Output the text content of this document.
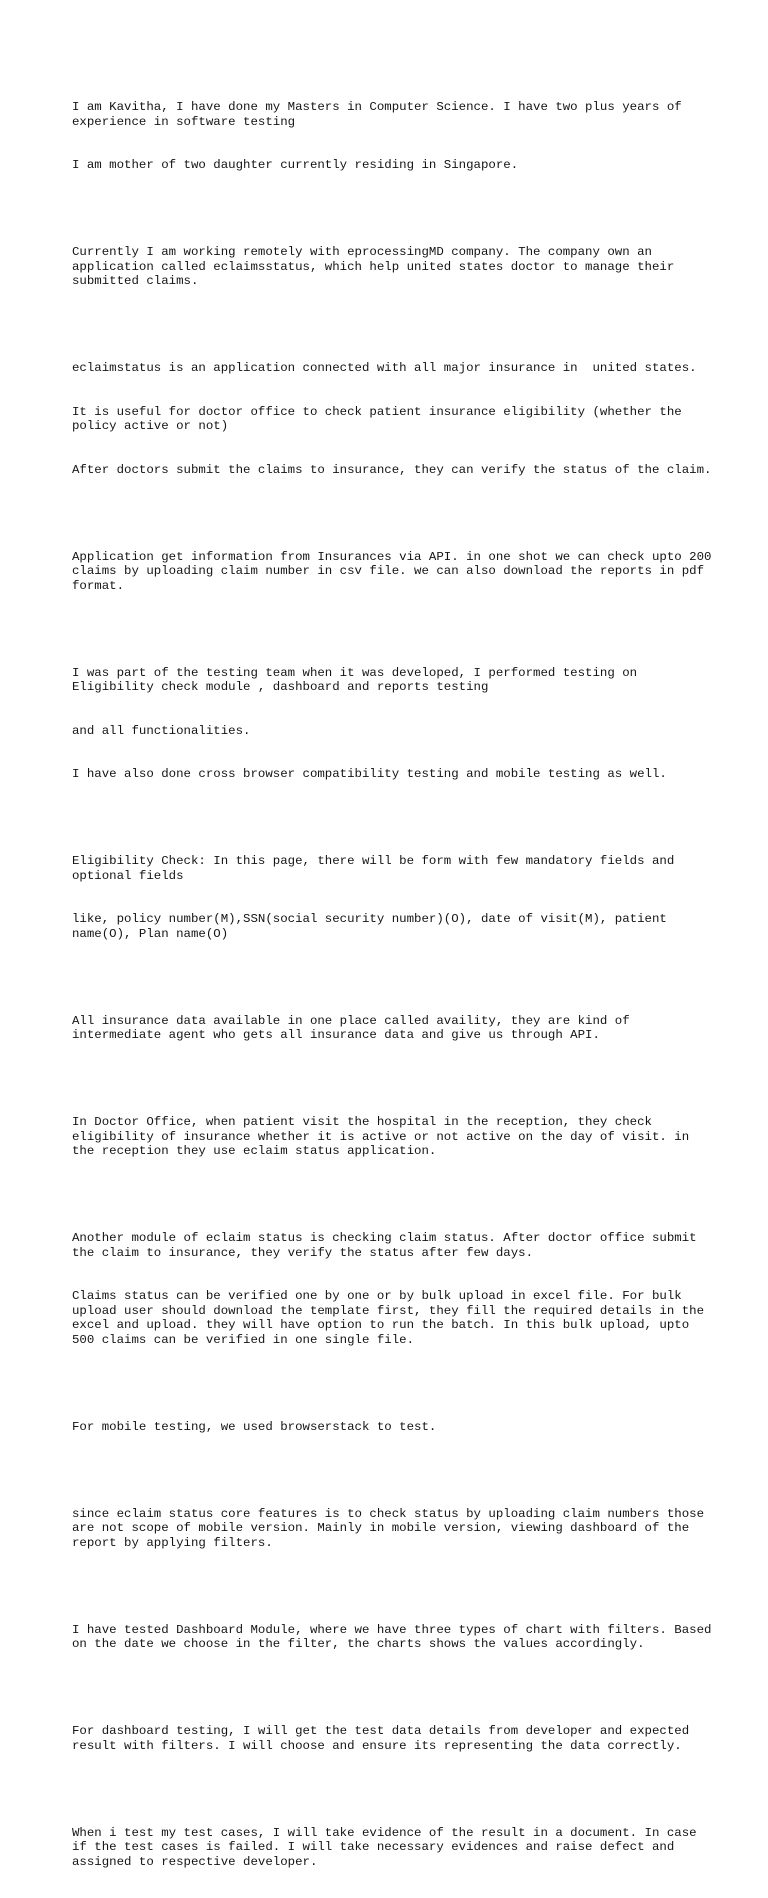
I am Kavitha, I have done my Masters in Computer Science. I have two plus years of experience in software testing

I am mother of two daughter currently residing in Singapore.

Currently I am working remotely with eprocessingMD company. The company own an application called eclaimsstatus, which help united states doctor to manage their submitted claims.

eclaimstatus is an application connected with all major insurance in  united states.

It is useful for doctor office to check patient insurance eligibility (whether the policy active or not)

After doctors submit the claims to insurance, they can verify the status of the claim.

Application get information from Insurances via API. in one shot we can check upto 200 claims by uploading claim number in csv file. we can also download the reports in pdf format.

I was part of the testing team when it was developed, I performed testing on Eligibility check module , dashboard and reports testing

and all functionalities.

I have also done cross browser compatibility testing and mobile testing as well.

Eligibility Check: In this page, there will be form with few mandatory fields and optional fields

like, policy number(M),SSN(social security number)(O), date of visit(M), patient name(O), Plan name(O)

All insurance data available in one place called availity, they are kind of intermediate agent who gets all insurance data and give us through API.

In Doctor Office, when patient visit the hospital in the reception, they check eligibility of insurance whether it is active or not active on the day of visit. in the reception they use eclaim status application.

Another module of eclaim status is checking claim status. After doctor office submit the claim to insurance, they verify the status after few days.

Claims status can be verified one by one or by bulk upload in excel file. For bulk upload user should download the template first, they fill the required details in the excel and upload. they will have option to run the batch. In this bulk upload, upto 500 claims can be verified in one single file.

For mobile testing, we used browserstack to test.

since eclaim status core features is to check status by uploading claim numbers those are not scope of mobile version. Mainly in mobile version, viewing dashboard of the report by applying filters.

I have tested Dashboard Module, where we have three types of chart with filters. Based on the date we choose in the filter, the charts shows the values accordingly.

For dashboard testing, I will get the test data details from developer and expected result with filters. I will choose and ensure its representing the data correctly.

When i test my test cases, I will take evidence of the result in a document. In case if the test cases is failed. I will take necessary evidences and raise defect and assigned to respective developer.
